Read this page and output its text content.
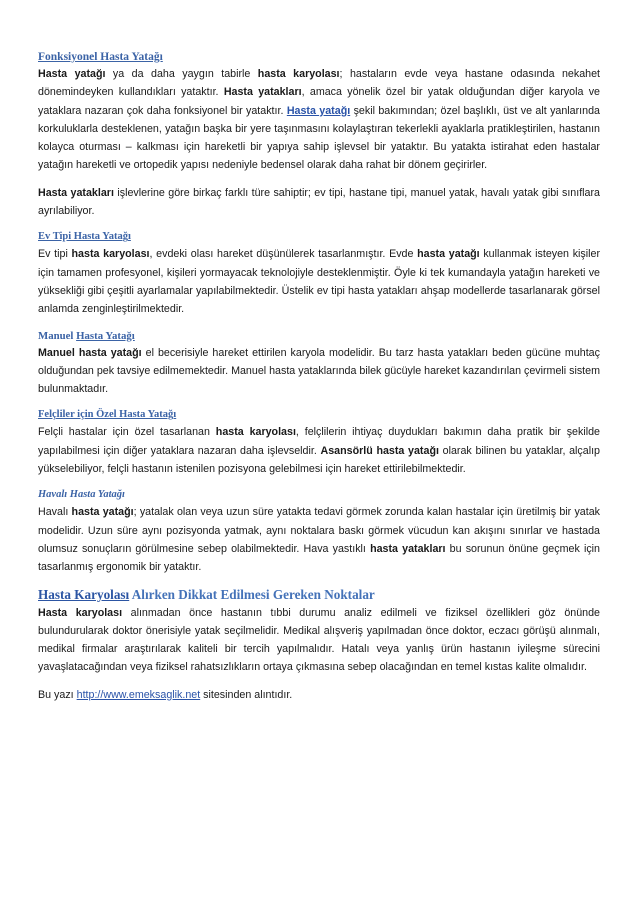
Fonksiyonel Hasta Yatağı

Hasta yatağı ya da daha yaygın tabirle hasta karyolası; hastaların evde veya hastane odasında nekahet dönemindeyken kullandıkları yataktır. Hasta yatakları, amaca yönelik özel bir yatak olduğundan diğer karyola ve yataklara nazaran çok daha fonksiyonel bir yataktır. Hasta yatağı şekil bakımından; özel başlıklı, üst ve alt yanlarında korkuluklarla desteklenen, yatağın başka bir yere taşınmasını kolaylaştıran tekerlekli ayaklarla pratikleştirilen, hastanın kolayca oturması – kalkması için hareketli bir yapıya sahip işlevsel bir yataktır. Bu yatakta istirahat eden hastalar yatağın hareketli ve ortopedik yapısı nedeniyle bedensel olarak daha rahat bir dönem geçirirler.

Hasta yatakları işlevlerine göre birkaç farklı türe sahiptir; ev tipi, hastane tipi, manuel yatak, havalı yatak gibi sınıflara ayrılabiliyor.

Ev Tipi Hasta Yatağı

Ev tipi hasta karyolası, evdeki olası hareket düşünülerek tasarlanmıştır. Evde hasta yatağı kullanmak isteyen kişiler için tamamen profesyonel, kişileri yormayacak teknolojiyle desteklenmiştir. Öyle ki tek kumandayla yatağın hareketi ve yüksekliği gibi çeşitli ayarlamalar yapılabilmektedir. Üstelik ev tipi hasta yatakları ahşap modellerde tasarlanarak görsel anlamda zenginleştirilmektedir.

Manuel Hasta Yatağı

Manuel hasta yatağı el becerisiyle hareket ettirilen karyola modelidir. Bu tarz hasta yatakları beden gücüne muhtaç olduğundan pek tavsiye edilmemektedir. Manuel hasta yataklarında bilek gücüyle hareket kazandırılan çevirmeli sistem bulunmaktadır.

Felçliler için Özel Hasta Yatağı

Felçli hastalar için özel tasarlanan hasta karyolası, felçlilerin ihtiyaç duydukları bakımın daha pratik bir şekilde yapılabilmesi için diğer yataklara nazaran daha işlevseldir. Asansörlü hasta yatağı olarak bilinen bu yataklar, alçalıp yükselebiliyor, felçli hastanın istenilen pozisyona gelebilmesi için hareket ettirilebilmektedir.

Havalı Hasta Yatağı

Havalı hasta yatağı; yatalak olan veya uzun süre yatakta tedavi görmek zorunda kalan hastalar için üretilmiş bir yatak modelidir. Uzun süre aynı pozisyonda yatmak, aynı noktalara baskı görmek vücudun kan akışını sınırlar ve hastada olumsuz sonuçların görülmesine sebep olabilmektedir. Hava yastıklı hasta yatakları bu sorunun önüne geçmek için tasarlanmış ergonomik bir yataktır.

Hasta Karyolası Alırken Dikkat Edilmesi Gereken Noktalar

Hasta karyolası alınmadan önce hastanın tıbbi durumu analiz edilmeli ve fiziksel özellikleri göz önünde bulundurularak doktor önerisiyle yatak seçilmelidir. Medikal alışveriş yapılmadan önce doktor, eczacı görüşü alınmalı, medikal firmalar araştırılarak kaliteli bir tercih yapılmalıdır. Hatalı veya yanlış ürün hastanın iyileşme sürecini yavaşlatacağından veya fiziksel rahatsızlıkların ortaya çıkmasına sebep olacağından en temel kıstas kalite olmalıdır.

Bu yazı http://www.emeksaglik.net sitesinden alıntıdır.
